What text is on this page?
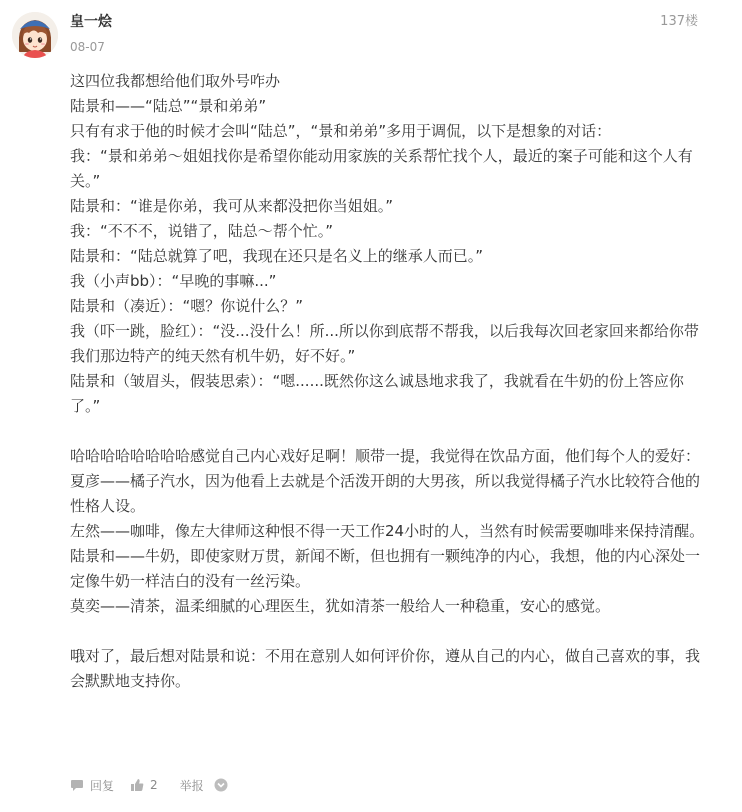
皇一烩
08-07
137楼

这四位我都想给他们取外号咋办

陆景和——“陆总”“景和弟弟”

只有有求于他的时候才会叫“陆总”，“景和弟弟”多用于调侃，以下是想象的对话：

我：“景和弟弟～姐姐找你是希望你能动用家族的关系帮忙找个人，最近的案子可能和这个人有关。”

陆景和：“谁是你弟，我可从来都没把你当姐姐。”

我：“不不不，说错了，陆总～帮个忙。”

陆景和：“陆总就算了吧，我现在还只是名义上的继承人而已。”

我（小声bb）：“早晚的事嘛...”

陆景和（凑近）：“嗯？你说什么？”

我（吓一跳，脸红）：“没...没什么！所...所以你到底帮不帮我，以后我每次回老家回来都给你带我们那边特产的纯天然有机牛奶，好不好。”

陆景和（皱眉头，假装思索）：“嗯......既然你这么诚恳地求我了，我就看在牛奶的份上答应你了。”

哈哈哈哈哈哈哈哈感觉自己内心戏好足啊！顺带一提，我觉得在饮品方面，他们每个人的爱好：

夏彦——橘子汽水，因为他看上去就是个活泼开朗的大男孩，所以我觉得橘子汽水比较符合他的性格人设。

左然——咖啡，像左大律师这种恨不得一天工作24小时的人，当然有时候需要咖啡来保持清醒。

陆景和——牛奶，即使家财万贯，新闻不断，但也拥有一颗纯净的内心，我想，他的内心深处一定像牛奶一样洁白的没有一丝污染。

莫奕——清茶，温柔细腻的心理医生，犹如清茶一般给人一种稳重，安心的感觉。

哦对了，最后想对陆景和说：不用在意别人如何评价你，遵从自己的内心，做自己喜欢的事，我会默默地支持你。

回复	2 举报
